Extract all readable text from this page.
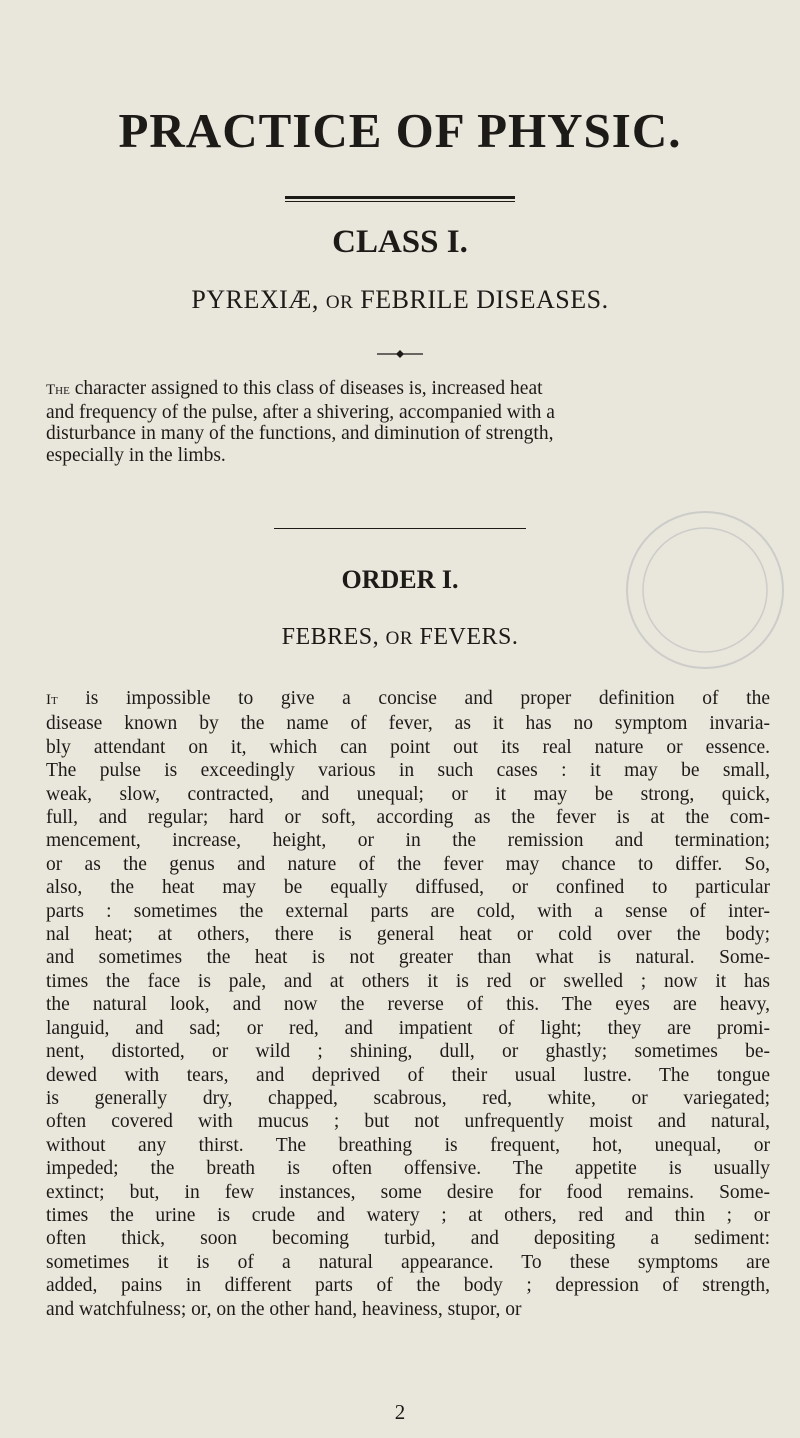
PRACTICE OF PHYSIC.
CLASS I.
PYREXIÆ, OR FEBRILE DISEASES.

The character assigned to this class of diseases is, increased heat
and frequency of the pulse, after a shivering, accompanied with a
disturbance in many of the functions, and diminution of strength,
especially in the limbs.

ORDER I.
FEBRES, OR FEVERS.
It is impossible to give a concise and proper definition of the
disease known by the name of fever, as it has no symptom invaria-
bly attendant on it, which can point out its real nature or essence.
The pulse is exceedingly various in such cases : it may be small,
weak, slow, contracted, and unequal; or it may be strong, quick,
full, and regular; hard or soft, according as the fever is at the com-
mencement, increase, height, or in the remission and termination;
or as the genus and nature of the fever may chance to differ. So,
also, the heat may be equally diffused, or confined to particular
parts : sometimes the external parts are cold, with a sense of inter-
nal heat; at others, there is general heat or cold over the body;
and sometimes the heat is not greater than what is natural. Some-
times the face is pale, and at others it is red or swelled ; now it has
the natural look, and now the reverse of this. The eyes are heavy,
languid, and sad; or red, and impatient of light; they are promi-
nent, distorted, or wild ; shining, dull, or ghastly; sometimes be-
dewed with tears, and deprived of their usual lustre. The tongue
is generally dry, chapped, scabrous, red, white, or variegated;
often covered with mucus ; but not unfrequently moist and natural,
without any thirst. The breathing is frequent, hot, unequal, or
impeded; the breath is often offensive. The appetite is usually
extinct; but, in few instances, some desire for food remains. Some-
times the urine is crude and watery ; at others, red and thin ; or
often thick, soon becoming turbid, and depositing a sediment:
sometimes it is of a natural appearance. To these symptoms are
added, pains in different parts of the body ; depression of strength,
and watchfulness; or, on the other hand, heaviness, stupor, or
2
